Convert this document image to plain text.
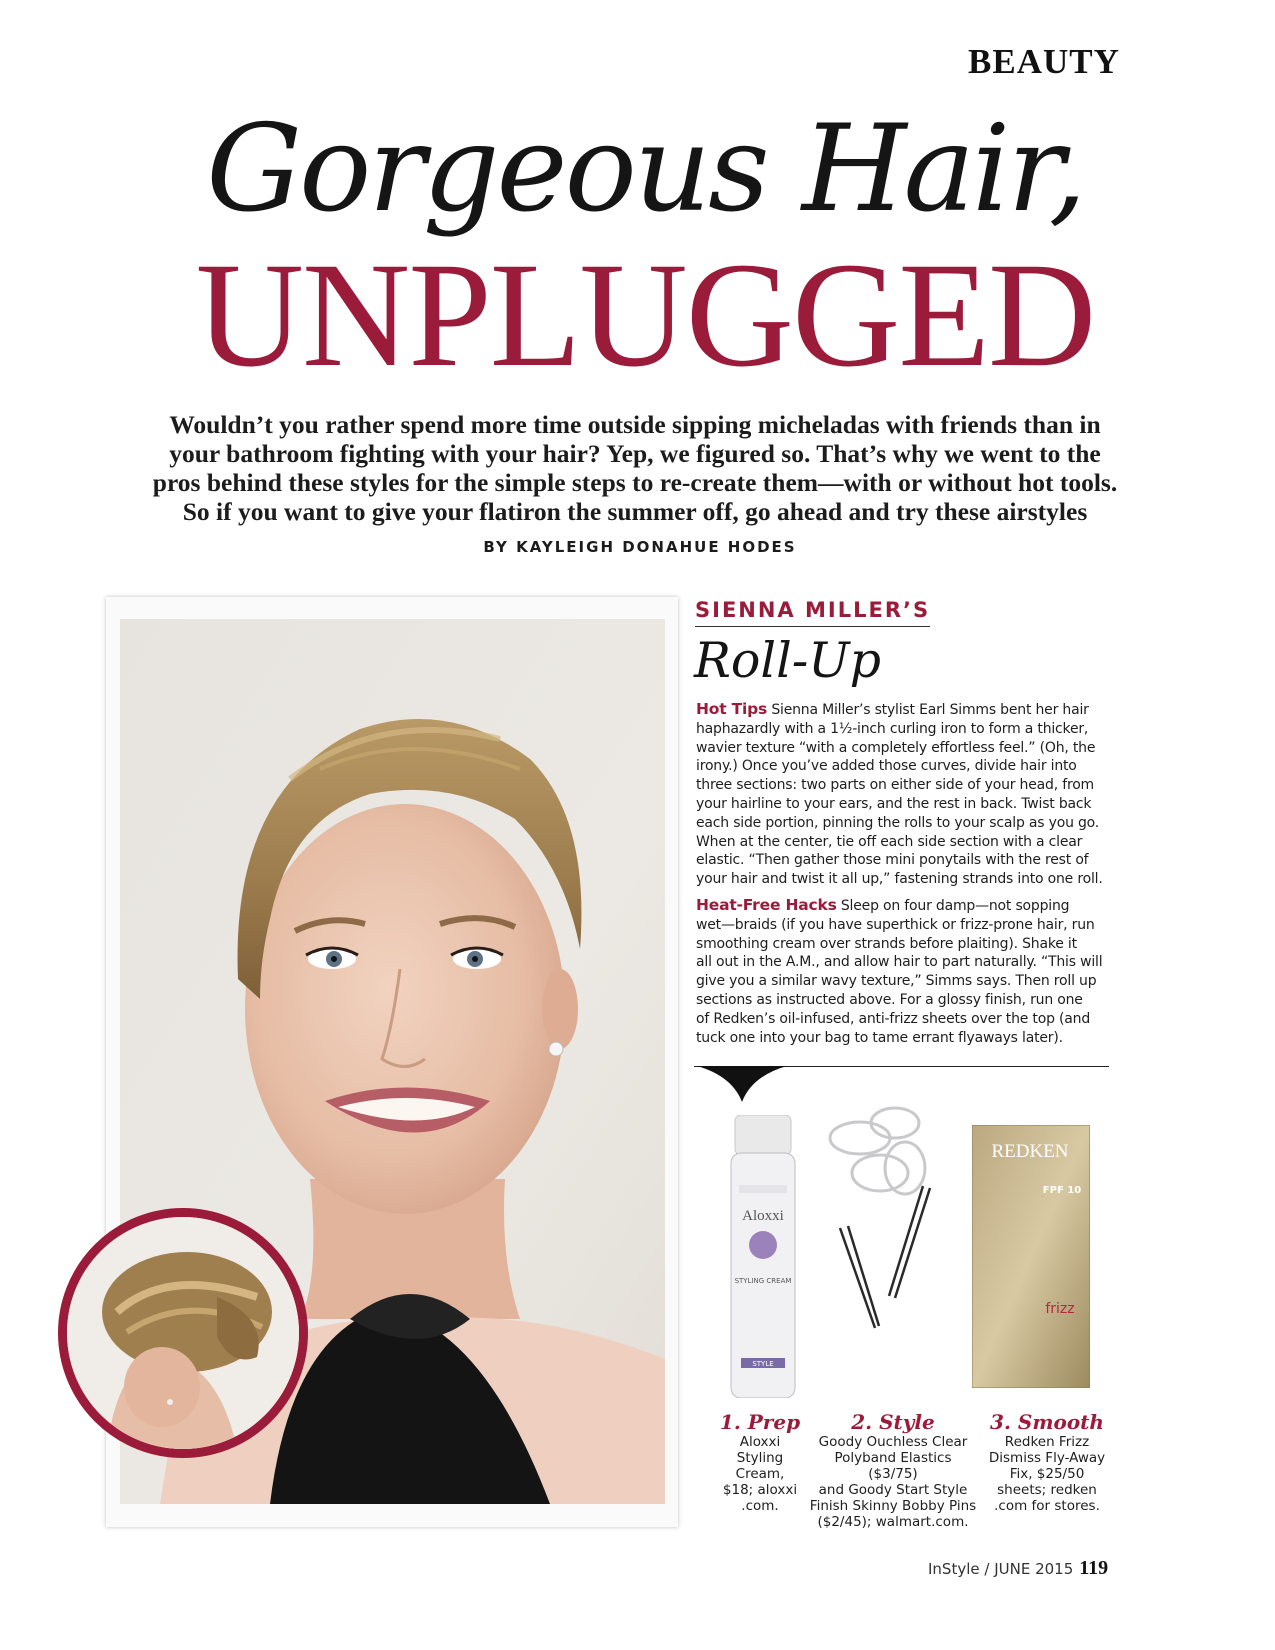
BEAUTY
Gorgeous Hair,
UNPLUGGED
Wouldn’t you rather spend more time outside sipping micheladas with friends than in
your bathroom fighting with your hair? Yep, we figured so. That’s why we went to the
pros behind these styles for the simple steps to re-create them—with or without hot tools.
So if you want to give your flatiron the summer off, go ahead and try these airstyles
BY KAYLEIGH DONAHUE HODES
SIENNA MILLER’S
Roll-Up
Hot Tips Sienna Miller’s stylist Earl Simms bent her hair
haphazardly with a 1½-inch curling iron to form a thicker,
wavier texture “with a completely effortless feel.” (Oh, the
irony.) Once you’ve added those curves, divide hair into
three sections: two parts on either side of your head, from
your hairline to your ears, and the rest in back. Twist back
each side portion, pinning the rolls to your scalp as you go.
When at the center, tie off each side section with a clear
elastic. “Then gather those mini ponytails with the rest of
your hair and twist it all up,” fastening strands into one roll.
Heat-Free Hacks Sleep on four damp—not sopping
wet—braids (if you have superthick or frizz-prone hair, run
smoothing cream over strands before plaiting). Shake it
all out in the A.M., and allow hair to part naturally. “This will
give you a similar wavy texture,” Simms says. Then roll up
sections as instructed above. For a glossy finish, run one
of Redken’s oil-infused, anti-frizz sheets over the top (and
tuck one into your bag to tame errant flyaways later).
Aloxxi
STYLING CREAM
STYLE
REDKEN
FPF 10
frizz
1. Prep
Aloxxi
Styling
Cream,
$18; aloxxi
.com.
2. Style
Goody Ouchless Clear
Polyband Elastics ($3/75)
and Goody Start Style
Finish Skinny Bobby Pins
($2/45); walmart.com.
3. Smooth
Redken Frizz
Dismiss Fly-Away
Fix, $25/50
sheets; redken
.com for stores.
InStyle / JUNE 2015 119
